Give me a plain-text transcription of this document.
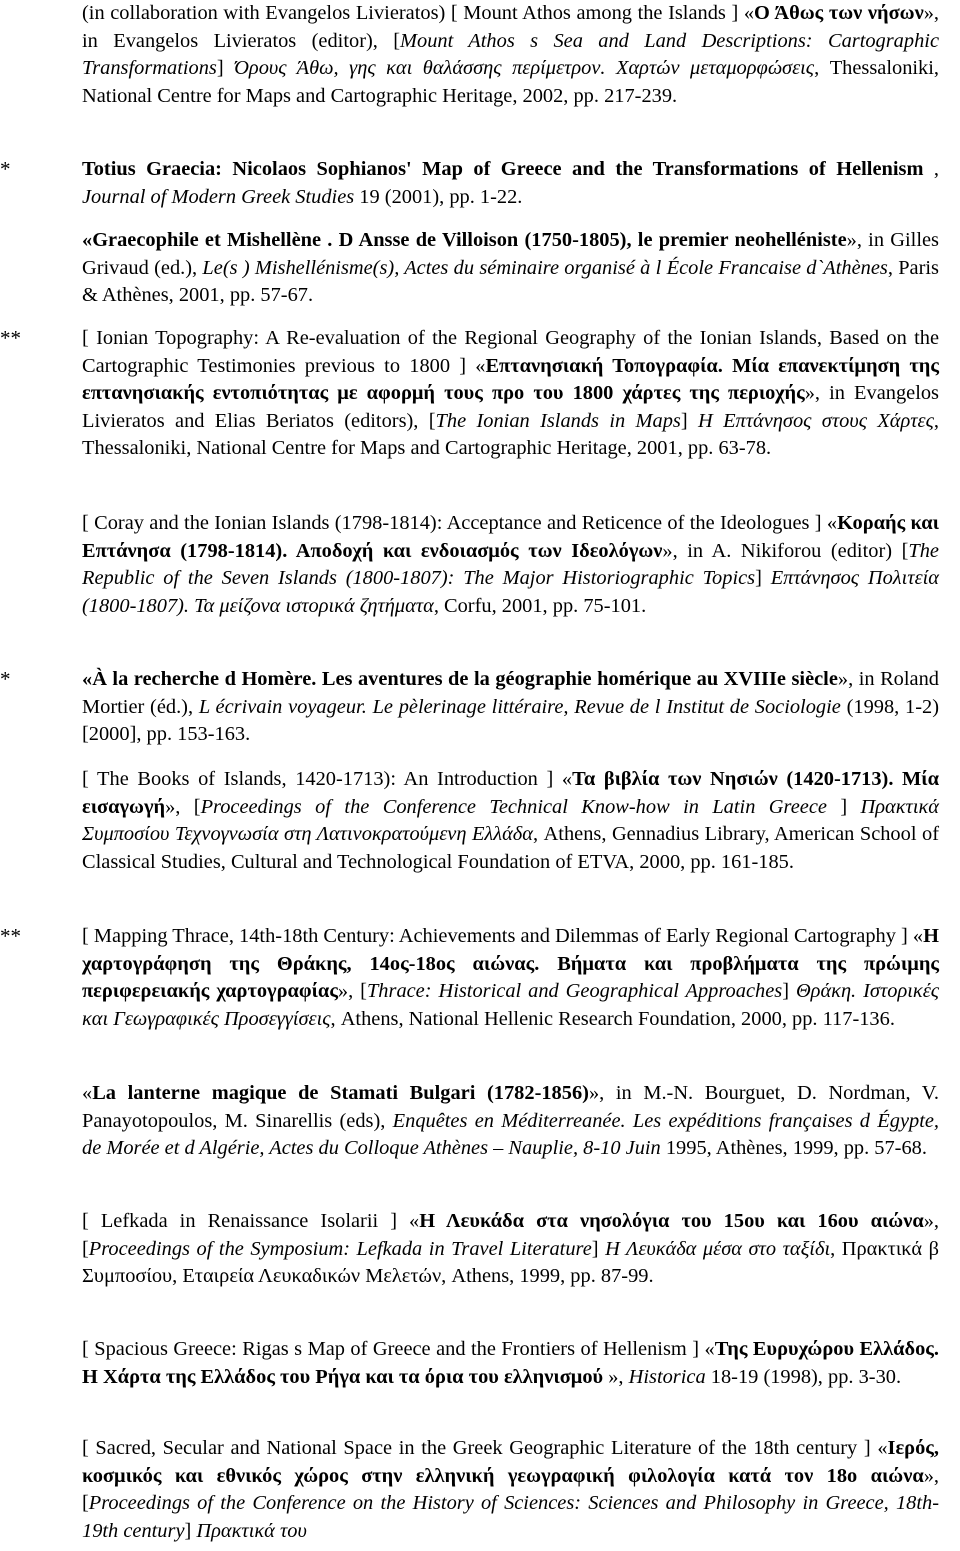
(in collaboration with Evangelos Livieratos) [ Mount Athos among the Islands ] «Ο Άθως των νήσων», in Evangelos Livieratos (editor), [Mount Athos s Sea and Land Descriptions: Cartographic Transformations] Όρους Άθω, γης και θαλάσσης περίμετρον. Χαρτών μεταμορφώσεις, Thessaloniki, National Centre for Maps and Cartographic Heritage, 2002, pp. 217-239.
*	Totius Graecia: Nicolaos Sophianos' Map of Greece and the Transformations of Hellenism , Journal of Modern Greek Studies 19 (2001), pp. 1-22.
«Graecophile et Mishellène . D Ansse de Villoison (1750-1805), le premier neohelléniste», in Gilles Grivaud (ed.), Le(s ) Mishellénisme(s), Actes du séminaire organisé à l École Francaise d`Athènes, Paris & Athènes, 2001, pp. 57-67.
**	[ Ionian Topography: A Re-evaluation of the Regional Geography of the Ionian Islands, Based on the Cartographic Testimonies previous to 1800 ] «Επτανησιακή Τοπογραφία. Μία επανεκτίμηση της επτανησιακής εντοπιότητας με αφορμή τους προ του 1800 χάρτες της περιοχής», in Evangelos Livieratos and Elias Beriatos (editors), [The Ionian Islands in Maps] Η Επτάνησος στους Χάρτες, Thessaloniki, National Centre for Maps and Cartographic Heritage, 2001, pp. 63-78.
[ Coray and the Ionian Islands (1798-1814): Acceptance and Reticence of the Ideologues ] «Κοραής και Επτάνησα (1798-1814). Αποδοχή και ενδοιασμός των Ιδεολόγων», in A. Nikiforou (editor) [The Republic of the Seven Islands (1800-1807): The Major Historiographic Topics] Επτάνησος Πολιτεία (1800-1807). Τα μείζονα ιστορικά ζητήματα, Corfu, 2001, pp. 75-101.
*	«À la recherche d Homère. Les aventures de la géographie homérique au XVIIIe siècle», in Roland Mortier (éd.), L écrivain voyageur. Le pèlerinage littéraire, Revue de l Institut de Sociologie (1998, 1-2) [2000], pp. 153-163.
[ The Books of Islands, 1420-1713): An Introduction ] «Τα βιβλία των Νησιών (1420-1713). Μία εισαγωγή», [Proceedings of the Conference Technical Know-how in Latin Greece ] Πρακτικά Συμποσίου Τεχνογνωσία στη Λατινοκρατούμενη Ελλάδα, Athens, Gennadius Library, American School of Classical Studies, Cultural and Technological Foundation of ETVA, 2000, pp. 161-185.
**	[ Mapping Thrace, 14th-18th Century: Achievements and Dilemmas of Early Regional Cartography ] «Η χαρτογράφηση της Θράκης, 14ος-18ος αιώνας. Βήματα και προβλήματα της πρώιμης περιφερειακής χαρτογραφίας», [Thrace: Historical and Geographical Approaches] Θράκη. Ιστορικές και Γεωγραφικές Προσεγγίσεις, Athens, National Hellenic Research Foundation, 2000, pp. 117-136.
«La lanterne magique de Stamati Bulgari (1782-1856)», in M.-N. Bourguet, D. Nordman, V. Panayotopoulos, M. Sinarellis (eds), Enquêtes en Méditerreanée. Les expéditions françaises d Égypte, de Morée et d Algérie, Actes du Colloque Athènes – Nauplie, 8-10 Juin 1995, Athènes, 1999, pp. 57-68.
[ Lefkada in Renaissance Isolarii ] «Η Λευκάδα στα νησολόγια του 15ου και 16ου αιώνα», [Proceedings of the Symposium: Lefkada in Travel Literature] Η Λευκάδα μέσα στο ταξίδι, Πρακτικά β Συμποσίου, Εταιρεία Λευκαδικών Μελετών, Athens, 1999, pp. 87-99.
[ Spacious Greece: Rigas s Map of Greece and the Frontiers of Hellenism ] «Της Ευρυχώρου Ελλάδος. Η Χάρτα της Ελλάδος του Ρήγα και τα όρια του ελληνισμού », Historica 18-19 (1998), pp. 3-30.
[ Sacred, Secular and National Space in the Greek Geographic Literature of the 18th century ] «Ιερός, κοσμικός και εθνικός χώρος στην ελληνική γεωγραφική φιλολογία κατά τον 18ο αιώνα», [Proceedings of the Conference on the History of Sciences: Sciences and Philosophy in Greece, 18th-19th century] Πρακτικά του
